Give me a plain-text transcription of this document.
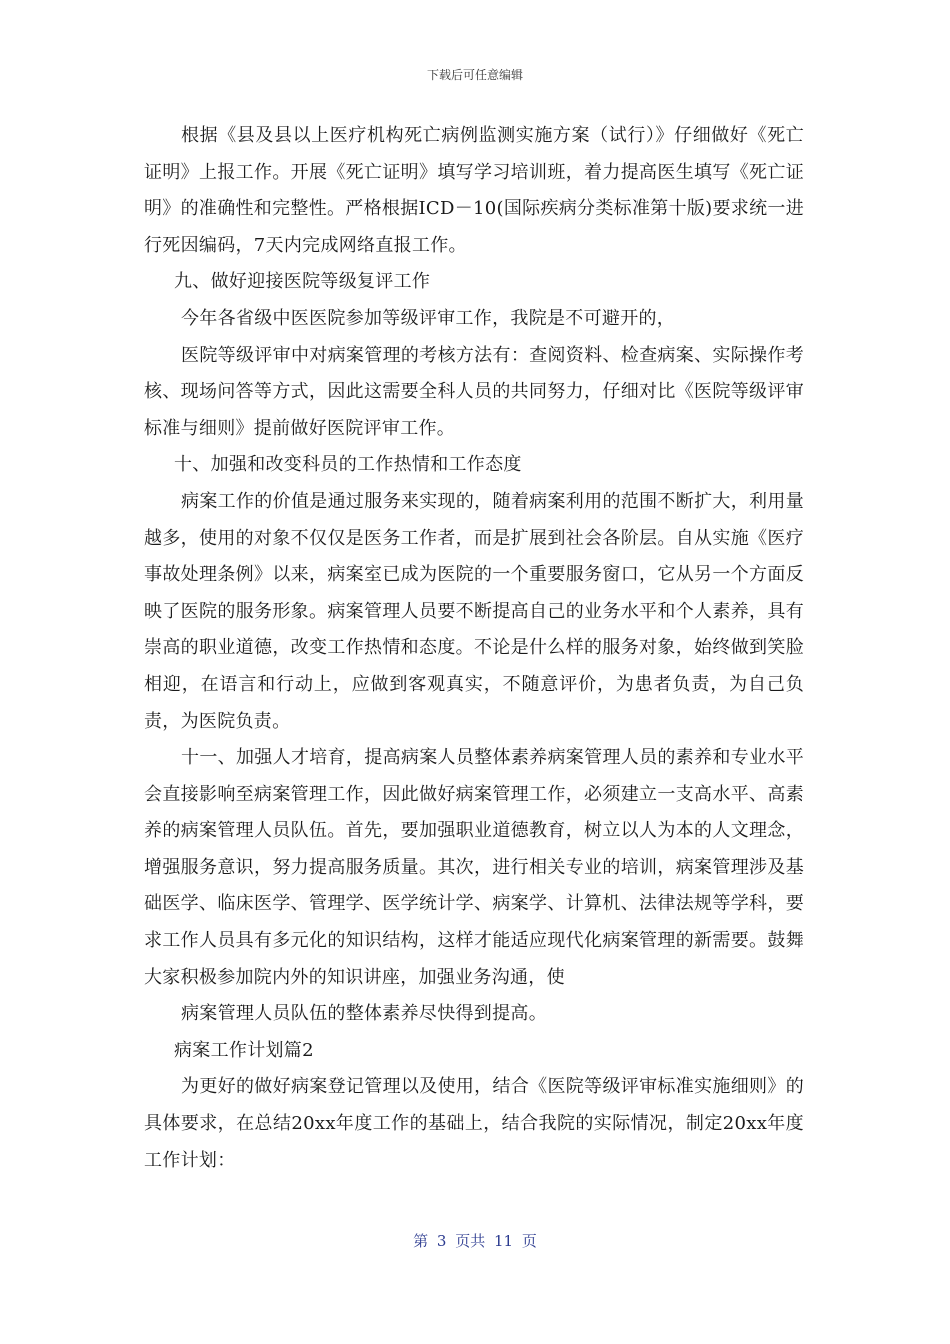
下载后可任意编辑

根据《县及县以上医疗机构死亡病例监测实施方案（试行）》仔细做好《死亡证明》上报工作。开展《死亡证明》填写学习培训班，着力提高医生填写《死亡证明》的准确性和完整性。严格根据ICD－10(国际疾病分类标准第十版)要求统一进行死因编码，7天内完成网络直报工作。

九、做好迎接医院等级复评工作

今年各省级中医医院参加等级评审工作，我院是不可避开的，

医院等级评审中对病案管理的考核方法有：查阅资料、检查病案、实际操作考核、现场问答等方式，因此这需要全科人员的共同努力，仔细对比《医院等级评审标准与细则》提前做好医院评审工作。

十、加强和改变科员的工作热情和工作态度

病案工作的价值是通过服务来实现的，随着病案利用的范围不断扩大，利用量越多，使用的对象不仅仅是医务工作者，而是扩展到社会各阶层。自从实施《医疗事故处理条例》以来，病案室已成为医院的一个重要服务窗口，它从另一个方面反映了医院的服务形象。病案管理人员要不断提高自己的业务水平和个人素养，具有崇高的职业道德，改变工作热情和态度。不论是什么样的服务对象，始终做到笑脸相迎，在语言和行动上，应做到客观真实，不随意评价，为患者负责，为自己负责，为医院负责。

十一、加强人才培育，提高病案人员整体素养病案管理人员的素养和专业水平会直接影响至病案管理工作，因此做好病案管理工作，必须建立一支高水平、高素养的病案管理人员队伍。首先，要加强职业道德教育，树立以人为本的人文理念，增强服务意识，努力提高服务质量。其次，进行相关专业的培训，病案管理涉及基础医学、临床医学、管理学、医学统计学、病案学、计算机、法律法规等学科，要求工作人员具有多元化的知识结构，这样才能适应现代化病案管理的新需要。鼓舞大家积极参加院内外的知识讲座，加强业务沟通，使

病案管理人员队伍的整体素养尽快得到提高。

病案工作计划篇2

为更好的做好病案登记管理以及使用，结合《医院等级评审标准实施细则》的具体要求，在总结20xx年度工作的基础上，结合我院的实际情况，制定20xx年度工作计划：

第 3 页共 11 页
